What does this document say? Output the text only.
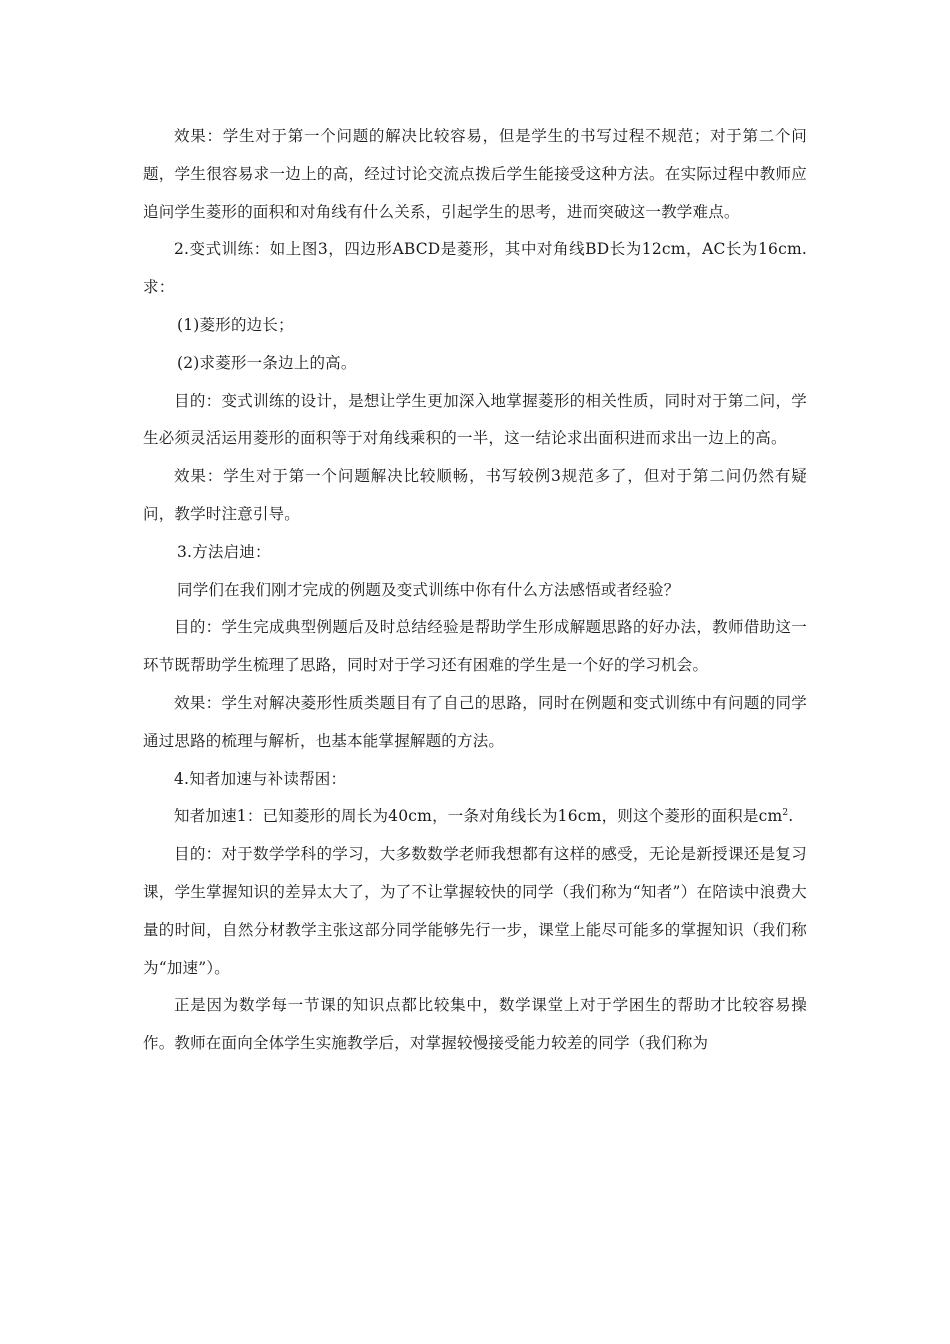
效果：学生对于第一个问题的解决比较容易，但是学生的书写过程不规范；对于第二个问题，学生很容易求一边上的高，经过讨论交流点拨后学生能接受这种方法。在实际过程中教师应追问学生菱形的面积和对角线有什么关系，引起学生的思考，进而突破这一教学难点。

2.变式训练：如上图3，四边形ABCD是菱形，其中对角线BD长为12cm，AC长为16cm.求：

(1)菱形的边长；

(2)求菱形一条边上的高。

目的：变式训练的设计，是想让学生更加深入地掌握菱形的相关性质，同时对于第二问，学生必须灵活运用菱形的面积等于对角线乘积的一半，这一结论求出面积进而求出一边上的高。

效果：学生对于第一个问题解决比较顺畅，书写较例3规范多了，但对于第二问仍然有疑问，教学时注意引导。

3.方法启迪：

同学们在我们刚才完成的例题及变式训练中你有什么方法感悟或者经验？

目的：学生完成典型例题后及时总结经验是帮助学生形成解题思路的好办法，教师借助这一环节既帮助学生梳理了思路，同时对于学习还有困难的学生是一个好的学习机会。

效果：学生对解决菱形性质类题目有了自己的思路，同时在例题和变式训练中有问题的同学通过思路的梳理与解析，也基本能掌握解题的方法。

4.知者加速与补读帮困：

知者加速1：已知菱形的周长为40cm，一条对角线长为16cm，则这个菱形的面积是$cm^2$.

目的：对于数学学科的学习，大多数数学老师我想都有这样的感受，无论是新授课还是复习课，学生掌握知识的差异太大了，为了不让掌握较快的同学（我们称为“知者”）在陪读中浪费大量的时间，自然分材教学主张这部分同学能够先行一步，课堂上能尽可能多的掌握知识（我们称为“加速”）。

正是因为数学每一节课的知识点都比较集中，数学课堂上对于学困生的帮助才比较容易操作。教师在面向全体学生实施教学后，对掌握较慢接受能力较差的同学（我们称为
